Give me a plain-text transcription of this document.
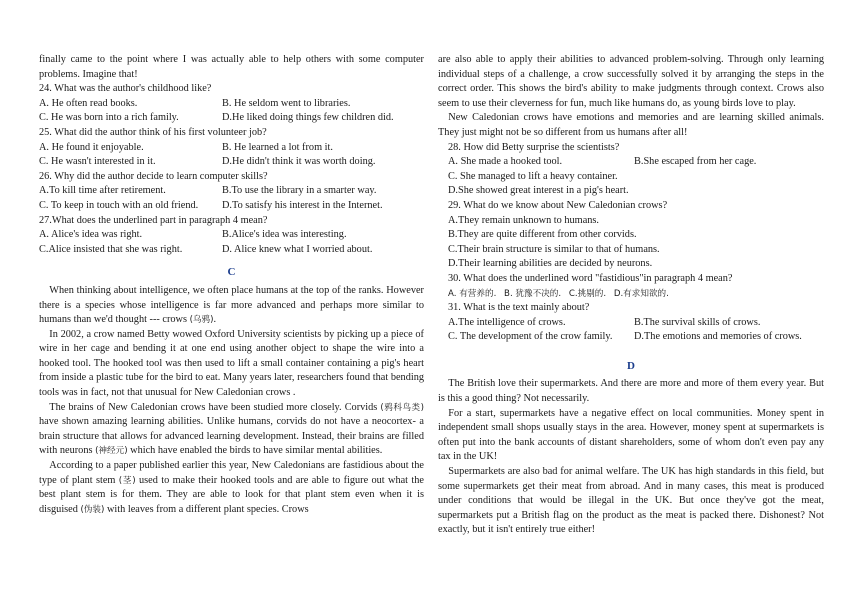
finally came to the point where I was actually able to help others with some computer problems. Imagine that!

24. What was the author's childhood like?

A. He often read books.	B. He seldom went to libraries.
C. He was born into a rich family.	D.He liked doing things few children did.

25. What did the author think of his first volunteer job?

A. He found it enjoyable.	B. He learned a lot from it.
C. He wasn't interested in it.	D.He didn't think it was worth doing.

26. Why did the author decide to learn computer skills?

A.To kill time after retirement.	B.To use the library in a smarter way.
C. To keep in touch with an old friend.	D.To satisfy his interest in the Internet.

27.What does the underlined part in paragraph 4 mean?

A. Alice's idea was right.	B.Alice's idea was interesting.
C.Alice insisted that she was right.	D. Alice knew what I worried about.
C

When thinking about intelligence, we often place humans at the top of the ranks. However there is a species whose intelligence is far more advanced and perhaps more similar to humans than we'd thought --- crows (乌鸦).

In 2002, a crow named Betty wowed Oxford University scientists by picking up a piece of wire in her cage and bending it at one end using another object to shape the wire into a hooked tool. The hooked tool was then used to lift a small container containing a pig's heart from inside a plastic tube for the bird to eat. Many years later, researchers found that bending tools was in fact, not that unusual for New Caledonian crows .

The brains of New Caledonian crows have been studied more closely. Corvids (鸦科鸟类) have shown amazing learning abilities. Unlike humans, corvids do not have a neocortex- a brain structure that allows for advanced learning development. Instead, their brains are filled with neurons (神经元) which have enabled the birds to have similar mental abilities.

According to a paper published earlier this year, New Caledonians are fastidious about the type of plant stem (茎) used to make their hooked tools and are able to figure out what the best plant stem is for them. They are able to look for that plant stem even when it is disguised (伪装) with leaves from a different plant species. Crows

are also able to apply their abilities to advanced problem-solving. Through only learning individual steps of a challenge, a crow successfully solved it by arranging the steps in the correct order. This shows the bird's ability to make judgments through context. Crows also seem to use their cleverness for fun, much like humans do, as young birds love to play.

New Caledonian crows have emotions and memories and are learning skilled animals. They just might not be so different from us humans after all!

28. How did Betty surprise the scientists?

A. She made a hooked tool.	B.She escaped from her cage.

C. She managed to lift a heavy container.

D.She showed great interest in a pig's heart.

29. What do we know about New Caledonian crows?

A.They remain unknown to humans.

B.They are quite different from other corvids.

C.Their brain structure is similar to that of humans.

D.Their learning abilities are decided by neurons.

30. What does the underlined word "fastidious"in paragraph 4 mean?

A. 有营养的. B. 犹豫不决的. C.挑剔的. D.有求知欲的.

31. What is the text mainly about?

A.The intelligence of crows.	B.The survival skills of crows.
C. The development of the crow family.	D.The emotions and memories of crows.
D

The British love their supermarkets. And there are more and more of them every year. But is this a good thing? Not necessarily.

For a start, supermarkets have a negative effect on local communities. Money spent in independent small shops usually stays in the area. However, money spent at supermarkets is often put into the bank accounts of distant shareholders, some of whom don't even pay any tax in the UK!

Supermarkets are also bad for animal welfare. The UK has high standards in this field, but some supermarkets get their meat from abroad. And in many cases, this meat is produced under conditions that would be illegal in the UK. But once they've got the meat, supermarkets put a British flag on the product as the meat is packed there. Dishonest? Not exactly, but it isn't entirely true either!
